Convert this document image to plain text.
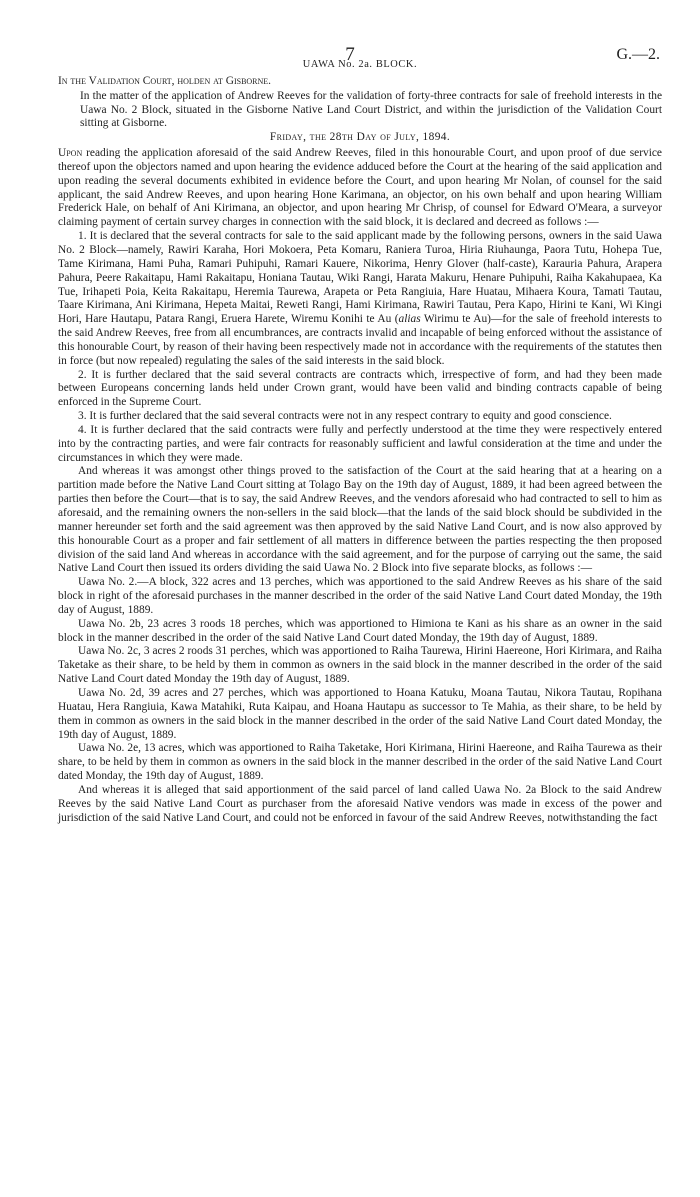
7	G.—2.

UAWA No. 2a. BLOCK.
In the Validation Court, holden at Gisborne.

In the matter of the application of Andrew Reeves for the validation of forty-three contracts for sale of freehold interests in the Uawa No. 2 Block, situated in the Gisborne Native Land Court District, and within the jurisdiction of the Validation Court sitting at Gisborne.

Friday, the 28th Day of July, 1894.

Upon reading the application aforesaid of the said Andrew Reeves, filed in this honourable Court, and upon proof of due service thereof upon the objectors named and upon hearing the evidence adduced before the Court at the hearing of the said application and upon reading the several documents exhibited in evidence before the Court, and upon hearing Mr Nolan, of counsel for the said applicant, the said Andrew Reeves, and upon hearing Hone Karimana, an objector, on his own behalf and upon hearing William Frederick Hale, on behalf of Ani Kirimana, an objector, and upon hearing Mr Chrisp, of counsel for Edward O'Meara, a surveyor claiming payment of certain survey charges in connection with the said block, it is declared and decreed as follows :—

1. It is declared that the several contracts for sale to the said applicant made by the following persons, owners in the said Uawa No. 2 Block—namely, Rawiri Karaha, Hori Mokoera, Peta Komaru, Raniera Turoa, Hiria Riuhaunga, Paora Tutu, Hohepa Tue, Tame Kirimana, Hami Puha, Ramari Puhipuhi, Ramari Kauere, Nikorima, Henry Glover (half-caste), Karauria Pahura, Arapera Pahura, Peere Rakaitapu, Hami Rakaitapu, Honiana Tautau, Wiki Rangi, Harata Makuru, Henare Puhipuhi, Raiha Kakahupaea, Ka Tue, Irihapeti Poia, Keita Rakaitapu, Heremia Taurewa, Arapeta or Peta Rangiuia, Hare Huatau, Mihaera Koura, Tamati Tautau, Taare Kirimana, Ani Kirimana, Hepeta Maitai, Reweti Rangi, Hami Kirimana, Rawiri Tautau, Pera Kapo, Hirini te Kani, Wi Kingi Hori, Hare Hautapu, Patara Rangi, Eruera Harete, Wiremu Konihi te Au (alias Wirimu te Au)—for the sale of freehold interests to the said Andrew Reeves, free from all encumbrances, are contracts invalid and incapable of being enforced without the assistance of this honourable Court, by reason of their having been respectively made not in accordance with the requirements of the statutes then in force (but now repealed) regulating the sales of the said interests in the said block.

2. It is further declared that the said several contracts are contracts which, irrespective of form, and had they been made between Europeans concerning lands held under Crown grant, would have been valid and binding contracts capable of being enforced in the Supreme Court.

3. It is further declared that the said several contracts were not in any respect contrary to equity and good conscience.

4. It is further declared that the said contracts were fully and perfectly understood at the time they were respectively entered into by the contracting parties, and were fair contracts for reasonably sufficient and lawful consideration at the time and under the circumstances in which they were made.

And whereas it was amongst other things proved to the satisfaction of the Court at the said hearing that at a hearing on a partition made before the Native Land Court sitting at Tolago Bay on the 19th day of August, 1889, it had been agreed between the parties then before the Court—that is to say, the said Andrew Reeves, and the vendors aforesaid who had contracted to sell to him as aforesaid, and the remaining owners the non-sellers in the said block—that the lands of the said block should be subdivided in the manner hereunder set forth and the said agreement was then approved by the said Native Land Court, and is now also approved by this honourable Court as a proper and fair settlement of all matters in difference between the parties respecting the then proposed division of the said land And whereas in accordance with the said agreement, and for the purpose of carrying out the same, the said Native Land Court then issued its orders dividing the said Uawa No. 2 Block into five separate blocks, as follows :—

Uawa No. 2.—A block, 322 acres and 13 perches, which was apportioned to the said Andrew Reeves as his share of the said block in right of the aforesaid purchases in the manner described in the order of the said Native Land Court dated Monday, the 19th day of August, 1889.

Uawa No. 2b, 23 acres 3 roods 18 perches, which was apportioned to Himiona te Kani as his share as an owner in the said block in the manner described in the order of the said Native Land Court dated Monday, the 19th day of August, 1889.

Uawa No. 2c, 3 acres 2 roods 31 perches, which was apportioned to Raiha Taurewa, Hirini Haereone, Hori Kirimara, and Raiha Taketake as their share, to be held by them in common as owners in the said block in the manner described in the order of the said Native Land Court dated Monday the 19th day of August, 1889.

Uawa No. 2d, 39 acres and 27 perches, which was apportioned to Hoana Katuku, Moana Tautau, Nikora Tautau, Ropihana Huatau, Hera Rangiuia, Kawa Matahiki, Ruta Kaipau, and Hoana Hautapu as successor to Te Mahia, as their share, to be held by them in common as owners in the said block in the manner described in the order of the said Native Land Court dated Monday, the 19th day of August, 1889.

Uawa No. 2e, 13 acres, which was apportioned to Raiha Taketake, Hori Kirimana, Hirini Haereone, and Raiha Taurewa as their share, to be held by them in common as owners in the said block in the manner described in the order of the said Native Land Court dated Monday, the 19th day of August, 1889.

And whereas it is alleged that said apportionment of the said parcel of land called Uawa No. 2a Block to the said Andrew Reeves by the said Native Land Court as purchaser from the aforesaid Native vendors was made in excess of the power and jurisdiction of the said Native Land Court, and could not be enforced in favour of the said Andrew Reeves, notwithstanding the fact
